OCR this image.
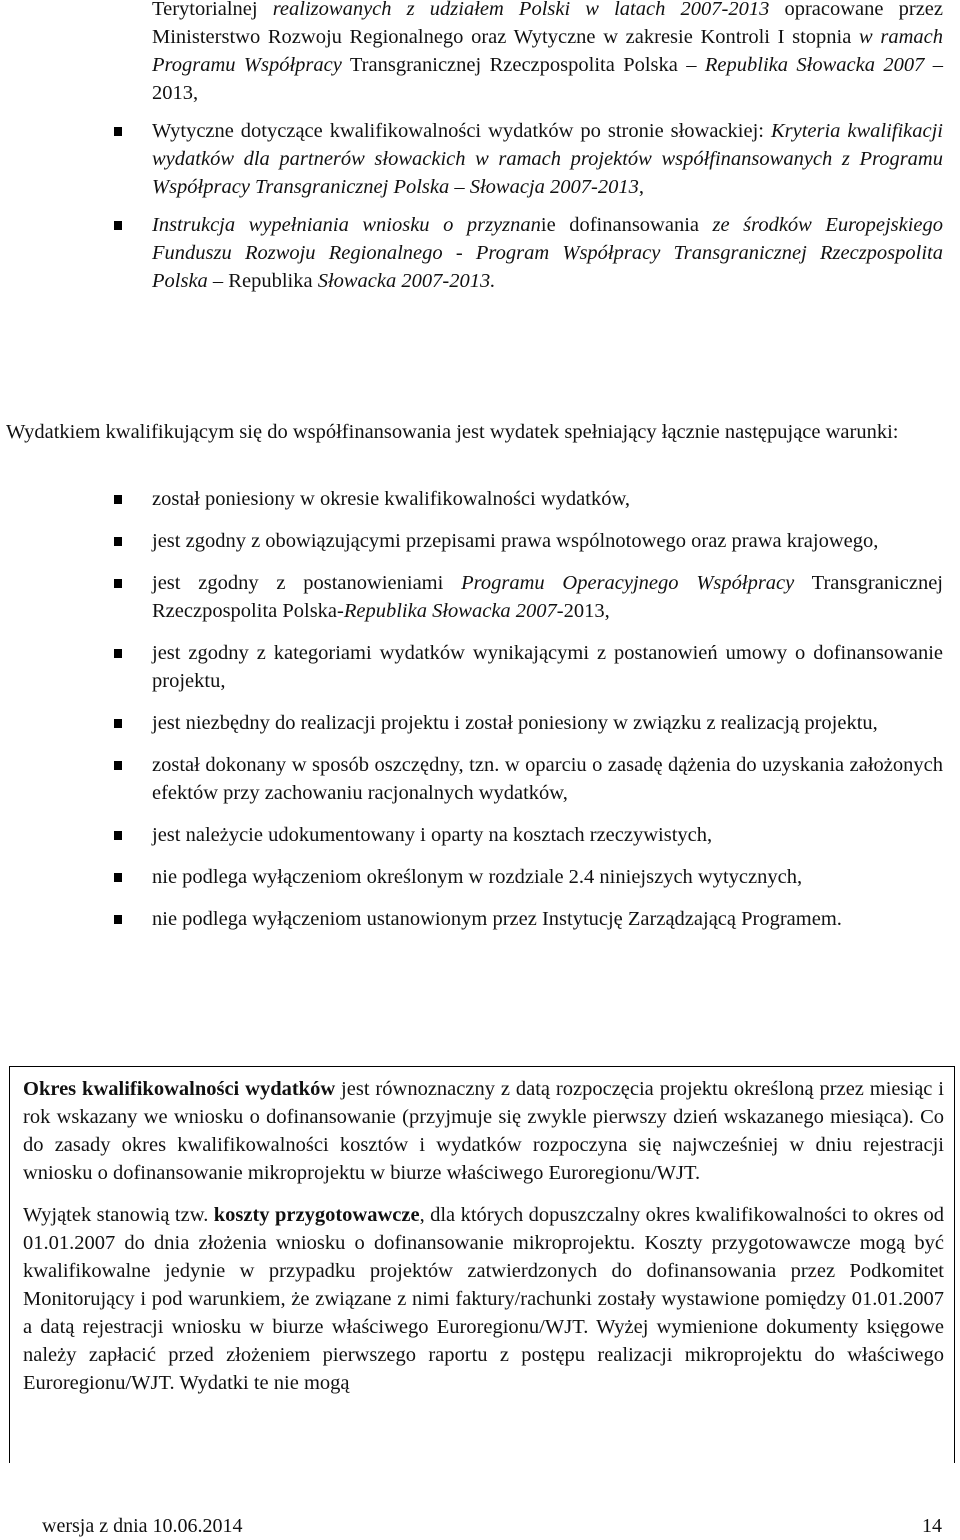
Terytorialnej realizowanych z udziałem Polski w latach 2007-2013 opracowane przez Ministerstwo Rozwoju Regionalnego oraz Wytyczne w zakresie Kontroli I stopnia w ramach Programu Współpracy Transgranicznej Rzeczpospolita Polska – Republika Słowacka 2007 – 2013,
Wytyczne dotyczące kwalifikowalności wydatków po stronie słowackiej: Kryteria kwalifikacji wydatków dla partnerów słowackich w ramach projektów współfinansowanych z Programu Współpracy Transgranicznej Polska – Słowacja 2007-2013,
Instrukcja wypełniania wniosku o przyznanie dofinansowania ze środków Europejskiego Funduszu Rozwoju Regionalnego - Program Współpracy Transgranicznej Rzeczpospolita Polska – Republika Słowacka 2007-2013.
Wydatkiem kwalifikującym się do współfinansowania jest wydatek spełniający łącznie następujące warunki:
został poniesiony w okresie kwalifikowalności wydatków,
jest zgodny z obowiązującymi przepisami prawa wspólnotowego oraz prawa krajowego,
jest zgodny z postanowieniami Programu Operacyjnego Współpracy Transgranicznej Rzeczpospolita Polska-Republika Słowacka 2007-2013,
jest zgodny z kategoriami wydatków wynikającymi z postanowień umowy o dofinansowanie projektu,
jest niezbędny do realizacji projektu i został poniesiony w związku z realizacją projektu,
został dokonany w sposób oszczędny, tzn. w oparciu o zasadę dążenia do uzyskania założonych efektów przy zachowaniu racjonalnych wydatków,
jest należycie udokumentowany i oparty na kosztach rzeczywistych,
nie podlega wyłączeniom określonym w rozdziale 2.4 niniejszych wytycznych,
nie podlega wyłączeniom ustanowionym przez Instytucję Zarządzającą Programem.

Okres kwalifikowalności wydatków jest równoznaczny z datą rozpoczęcia projektu określoną przez miesiąc i rok wskazany we wniosku o dofinansowanie (przyjmuje się zwykle pierwszy dzień wskazanego miesiąca). Co do zasady okres kwalifikowalności kosztów i wydatków rozpoczyna się najwcześniej w dniu rejestracji wniosku o dofinansowanie mikroprojektu w biurze właściwego Euroregionu/WJT.

Wyjątek stanowią tzw. koszty przygotowawcze, dla których dopuszczalny okres kwalifikowalności to okres od 01.01.2007 do dnia złożenia wniosku o dofinansowanie mikroprojektu. Koszty przygotowawcze mogą być kwalifikowalne jedynie w przypadku projektów zatwierdzonych do dofinansowania przez Podkomitet Monitorujący i pod warunkiem, że związane z nimi faktury/rachunki zostały wystawione pomiędzy 01.01.2007 a datą rejestracji wniosku w biurze właściwego Euroregionu/WJT. Wyżej wymienione dokumenty księgowe należy zapłacić przed złożeniem pierwszego raportu z postępu realizacji mikroprojektu do właściwego Euroregionu/WJT. Wydatki te nie mogą

wersja z dnia 10.06.2014	14
